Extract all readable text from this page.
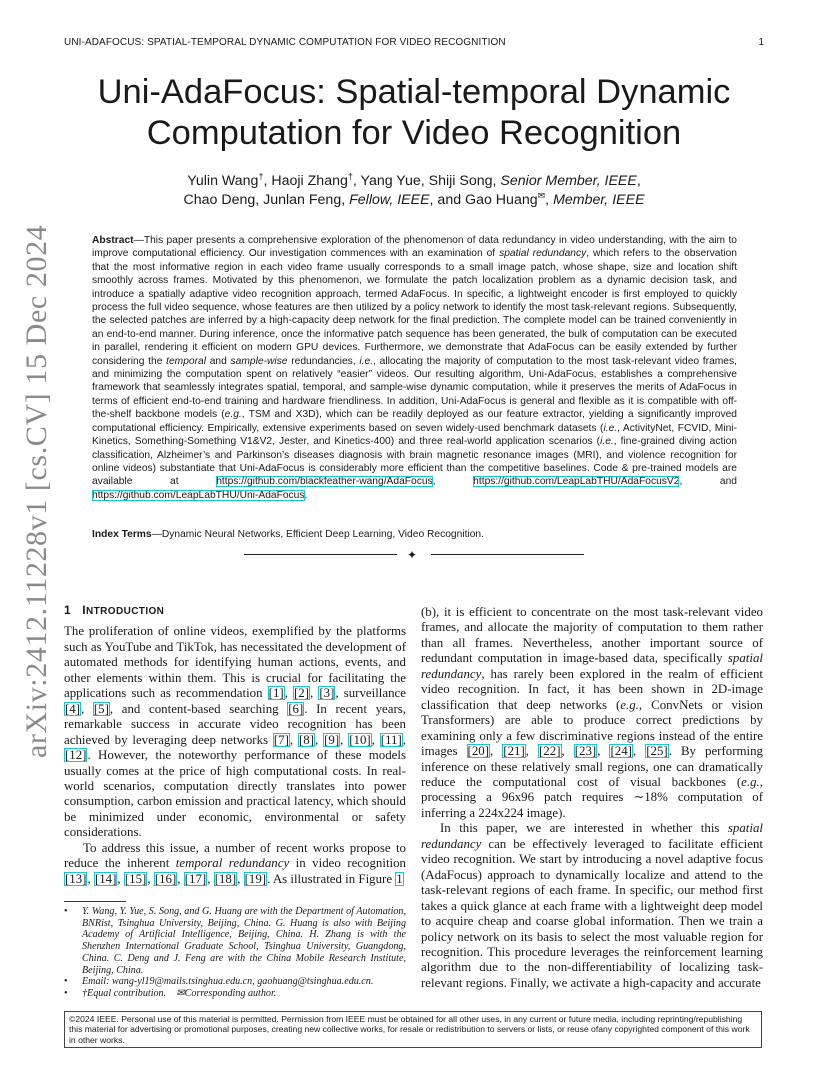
UNI-ADAFOCUS: SPATIAL-TEMPORAL DYNAMIC COMPUTATION FOR VIDEO RECOGNITION	1
arXiv:2412.11228v1 [cs.CV] 15 Dec 2024
Uni-AdaFocus: Spatial-temporal Dynamic
Computation for Video Recognition
Yulin Wang†, Haoji Zhang†, Yang Yue, Shiji Song, Senior Member, IEEE,
Chao Deng, Junlan Feng, Fellow, IEEE, and Gao Huang✉, Member, IEEE

Abstract—This paper presents a comprehensive exploration of the phenomenon of data redundancy in video understanding, with the aim to improve computational efficiency. Our investigation commences with an examination of spatial redundancy, which refers to the observation that the most informative region in each video frame usually corresponds to a small image patch, whose shape, size and location shift smoothly across frames. Motivated by this phenomenon, we formulate the patch localization problem as a dynamic decision task, and introduce a spatially adaptive video recognition approach, termed AdaFocus. In specific, a lightweight encoder is first employed to quickly process the full video sequence, whose features are then utilized by a policy network to identify the most task-relevant regions. Subsequently, the selected patches are inferred by a high-capacity deep network for the final prediction. The complete model can be trained conveniently in an end-to-end manner. During inference, once the informative patch sequence has been generated, the bulk of computation can be executed in parallel, rendering it efficient on modern GPU devices. Furthermore, we demonstrate that AdaFocus can be easily extended by further considering the temporal and sample-wise redundancies, i.e., allocating the majority of computation to the most task-relevant video frames, and minimizing the computation spent on relatively “easier” videos. Our resulting algorithm, Uni-AdaFocus, establishes a comprehensive framework that seamlessly integrates spatial, temporal, and sample-wise dynamic computation, while it preserves the merits of AdaFocus in terms of efficient end-to-end training and hardware friendliness. In addition, Uni-AdaFocus is general and flexible as it is compatible with off-the-shelf backbone models (e.g., TSM and X3D), which can be readily deployed as our feature extractor, yielding a significantly improved computational efficiency. Empirically, extensive experiments based on seven widely-used benchmark datasets (i.e., ActivityNet, FCVID, Mini-Kinetics, Something-Something V1&V2, Jester, and Kinetics-400) and three real-world application scenarios (i.e., fine-grained diving action classification, Alzheimer’s and Parkinson’s diseases diagnosis with brain magnetic resonance images (MRI), and violence recognition for online videos) substantiate that Uni-AdaFocus is considerably more efficient than the competitive baselines. Code & pre-trained models are available at https://github.com/blackfeather-wang/AdaFocus, https://github.com/LeapLabTHU/AdaFocusV2, and https://github.com/LeapLabTHU/Uni-AdaFocus.

Index Terms—Dynamic Neural Networks, Efficient Deep Learning, Video Recognition.
✦
1 INTRODUCTION

The proliferation of online videos, exemplified by the platforms such as YouTube and TikTok, has necessitated the development of automated methods for identifying human actions, events, and other elements within them. This is crucial for facilitating the applications such as recommendation [1], [2], [3], surveillance [4], [5], and content-based searching [6]. In recent years, remarkable success in accurate video recognition has been achieved by leveraging deep networks [7], [8], [9], [10], [11], [12]. However, the noteworthy performance of these models usually comes at the price of high computational costs. In real-world scenarios, computation directly translates into power consumption, carbon emission and practical latency, which should be minimized under economic, environmental or safety considerations.

To address this issue, a number of recent works propose to reduce the inherent temporal redundancy in video recognition [13], [14], [15], [16], [17], [18], [19]. As illustrated in Figure 1

• Y. Wang, Y. Yue, S. Song, and G. Huang are with the Department of Automation, BNRist, Tsinghua University, Beijing, China. G. Huang is also with Beijing Academy of Artificial Intelligence, Beijing, China. H. Zhang is with the Shenzhen International Graduate School, Tsinghua University, Guangdong, China. C. Deng and J. Feng are with the China Mobile Research Institute, Beijing, China.
• Email: wang-yl19@mails.tsinghua.edu.cn, gaohuang@tsinghua.edu.cn.
• †Equal contribution. ✉Corresponding author.

(b), it is efficient to concentrate on the most task-relevant video frames, and allocate the majority of computation to them rather than all frames. Nevertheless, another important source of redundant computation in image-based data, specifically spatial redundancy, has rarely been explored in the realm of efficient video recognition. In fact, it has been shown in 2D-image classification that deep networks (e.g., ConvNets or vision Transformers) are able to produce correct predictions by examining only a few discriminative regions instead of the entire images [20], [21], [22], [23], [24], [25]. By performing inference on these relatively small regions, one can dramatically reduce the computational cost of visual backbones (e.g., processing a 96x96 patch requires ∼18% computation of inferring a 224x224 image).

In this paper, we are interested in whether this spatial redundancy can be effectively leveraged to facilitate efficient video recognition. We start by introducing a novel adaptive focus (AdaFocus) approach to dynamically localize and attend to the task-relevant regions of each frame. In specific, our method first takes a quick glance at each frame with a lightweight deep model to acquire cheap and coarse global information. Then we train a policy network on its basis to select the most valuable region for recognition. This procedure leverages the reinforcement learning algorithm due to the non-differentiability of localizing task-relevant regions. Finally, we activate a high-capacity and accurate

©2024 IEEE. Personal use of this material is permitted. Permission from IEEE must be obtained for all other uses, in any current or future media, including reprinting/republishing this material for advertising or promotional purposes, creating new collective works, for resale or redistribution to servers or lists, or reuse ofany copyrighted component of this work in other works.
